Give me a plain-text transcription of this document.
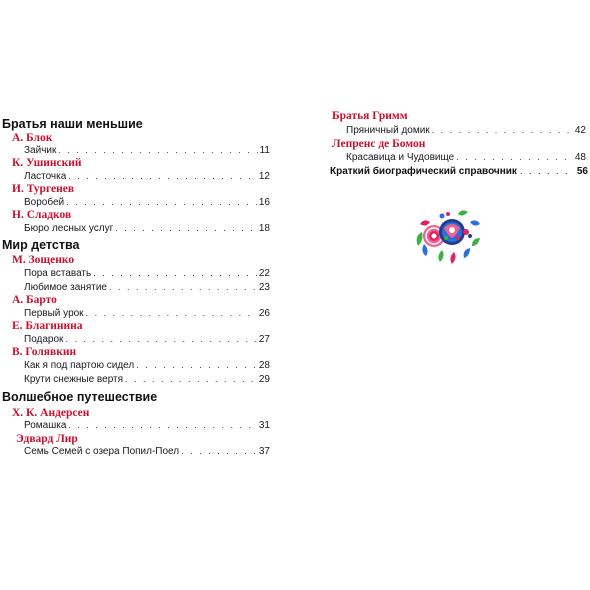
Братья наши меньшие
А. Блок
Зайчик . . .	11
К. Ушинский
Ласточка . . .	12
И. Тургенев
Воробей . . .	16
Н. Сладков
Бюро лесных услуг . . .	18
Мир детства
М. Зощенко
Пора вставать . . .	22
Любимое занятие . . .	23
А. Барто
Первый урок . . .	26
Е. Благинина
Подарок . . .	27
В. Голявкин
Как я под партою сидел . . .	28
Крути снежные вертя . . .	29
Волшебное путешествие
Х. К. Андерсен
Ромашка . . .	31
Эдвард Лир
Семь Семей с озера Попил-Поел . . .	37
Братья Гримм
Пряничный домик . . .	42
Лепренс де Бомон
Красавица и Чудовище . . .	48
Краткий биографический справочник . . .	56
